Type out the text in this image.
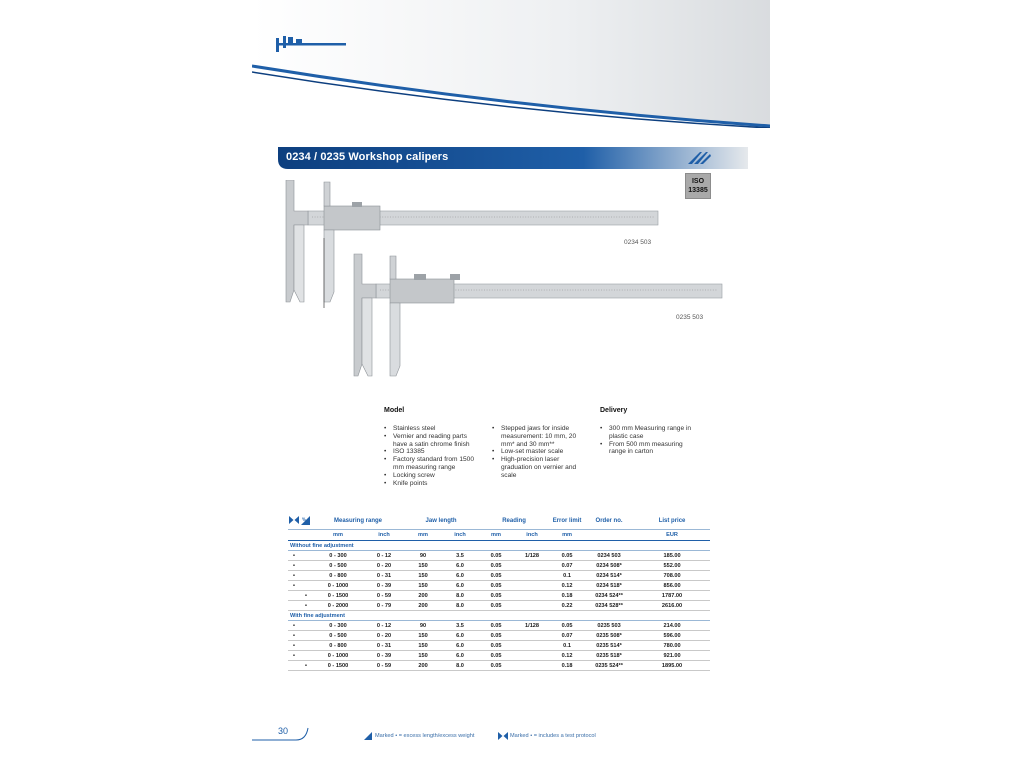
0234 / 0235 Workshop calipers
ISO
13385
0234 503
0235 503
Model
• Stainless steel
• Vernier and reading parts have a satin chrome finish
• ISO 13385
• Factory standard from 1500 mm measuring range
• Locking screw
• Knife points
• Stepped jaws for inside measurement: 10 mm, 20 mm* and 30 mm**
• Low-set master scale
• High-precision laser graduation on vernier and scale
Delivery
• 300 mm Measuring range in plastic case
• From 500 mm measuring range in carton

%	Measuring range		Jaw length		Reading		Error limit	Order no.	List price
		mm	inch	mm	inch	mm	inch	mm		EUR
Without fine adjustment										
•		0 - 300	0 - 12	90	3.5	0.05	1/128	0.05	0234 503	185.00
•		0 - 500	0 - 20	150	6.0	0.05		0.07	0234 508*	552.00
•		0 - 800	0 - 31	150	6.0	0.05		0.1	0234 514*	708.00
•		0 - 1000	0 - 39	150	6.0	0.05		0.12	0234 518*	856.00
	•	0 - 1500	0 - 59	200	8.0	0.05		0.18	0234 524**	1787.00
	•	0 - 2000	0 - 79	200	8.0	0.05		0.22	0234 528**	2616.00
With fine adjustment										
•		0 - 300	0 - 12	90	3.5	0.05	1/128	0.05	0235 503	214.00
•		0 - 500	0 - 20	150	6.0	0.05		0.07	0235 508*	596.00
•		0 - 800	0 - 31	150	6.0	0.05		0.1	0235 514*	780.00
•		0 - 1000	0 - 39	150	6.0	0.05		0.12	0235 518*	921.00
	•	0 - 1500	0 - 59	200	8.0	0.05		0.18	0235 524**	1895.00
30	Marked • = excess length/excess weight	Marked • = includes a test protocol
